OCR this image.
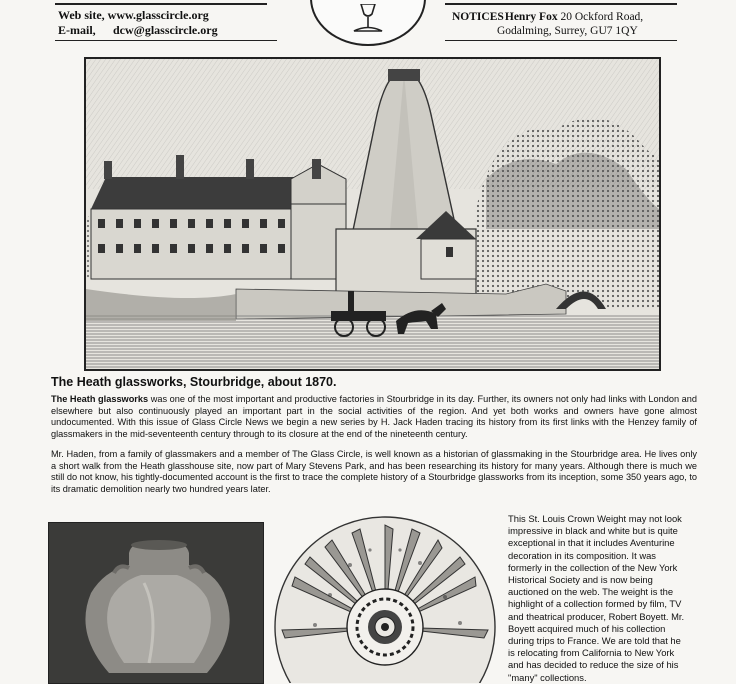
Web site, www.glasscircle.org
E-mail, dcw@glasscircle.org
NOTICES Henry Fox 20 Ockford Road,
Godalming, Surrey, GU7 1QY
The Heath glassworks, Stourbridge, about 1870.
The Heath glassworks was one of the most important and productive factories in Stourbridge in its day. Further, its owners not only had links with London and elsewhere but also continuously played an important part in the social activities of the region. And yet both works and owners have gone almost undocumented. With this issue of Glass Circle News we begin a new series by H. Jack Haden tracing its history from its first links with the Henzey family of glassmakers in the mid-seventeenth century through to its closure at the end of the nineteenth century.
Mr. Haden, from a family of glassmakers and a member of The Glass Circle, is well known as a historian of glassmaking in the Stourbridge area. He lives only a short walk from the Heath glasshouse site, now part of Mary Stevens Park, and has been researching its history for many years. Although there is much we still do not know, his tightly-documented account is the first to trace the complete history of a Stourbridge glassworks from its inception, some 350 years ago, to its dramatic demolition nearly two hundred years later.
This St. Louis Crown Weight may not look impressive in black and white but is quite exceptional in that it includes Aventurine decoration in its composition. It was formerly in the collection of the New York Historical Society and is now being auctioned on the web. The weight is the highlight of a collection formed by film, TV and theatrical producer, Robert Boyett. Mr. Boyett acquired much of his collection during trips to France. We are told that he is relocating from California to New York and has decided to reduce the size of his "many" collections.
